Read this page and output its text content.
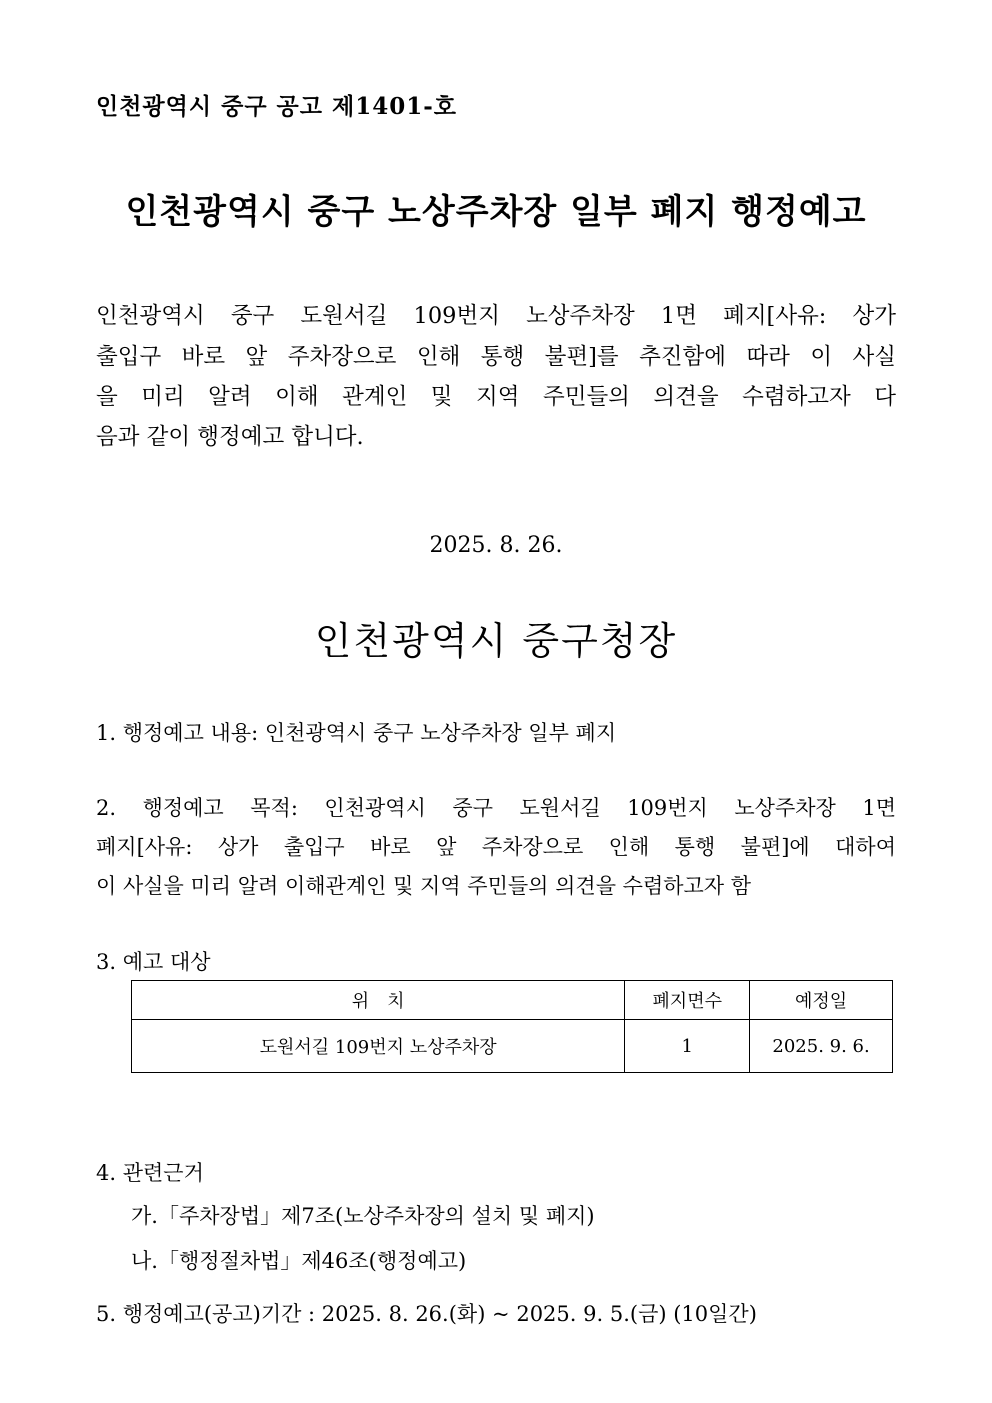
인천광역시 중구 공고 제1401-호
인천광역시 중구 노상주차장 일부 폐지 행정예고
인천광역시 중구 도원서길 109번지 노상주차장 1면 폐지[사유: 상가
출입구 바로 앞 주차장으로 인해 통행 불편]를 추진함에 따라 이 사실
을 미리 알려 이해 관계인 및 지역 주민들의 의견을 수렴하고자 다
음과 같이 행정예고 합니다.
2025. 8. 26.
인천광역시 중구청장
1. 행정예고 내용: 인천광역시 중구 노상주차장 일부 폐지
2. 행정예고 목적: 인천광역시 중구 도원서길 109번지 노상주차장 1면
폐지[사유: 상가 출입구 바로 앞 주차장으로 인해 통행 불편]에 대하여
이 사실을 미리 알려 이해관계인 및 지역 주민들의 의견을 수렴하고자 함
3. 예고 대상
위　치	폐지면수	예정일
도원서길 109번지 노상주차장	1	2025. 9. 6.
4. 관련근거
가.「주차장법」제7조(노상주차장의 설치 및 폐지)
나.「행정절차법」제46조(행정예고)
5. 행정예고(공고)기간 : 2025. 8. 26.(화) ~ 2025. 9. 5.(금) (10일간)
